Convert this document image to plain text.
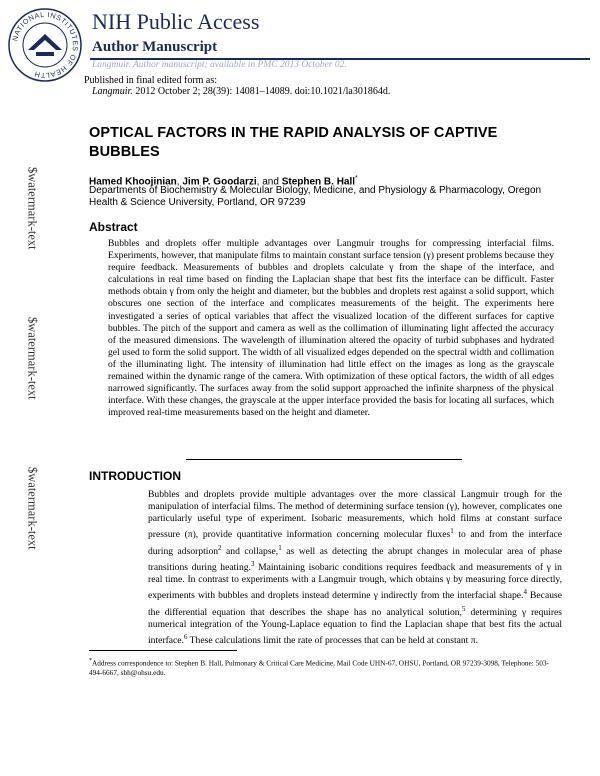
NATIONAL INSTITUTES OF HEALTH
NIH Public Access
Author Manuscript
Langmuir. Author manuscript; available in PMC 2013 October 02.
Published in final edited form as:
Langmuir. 2012 October 2; 28(39): 14081–14089. doi:10.1021/la301864d.
$watermark-text
$watermark-text
$watermark-text
OPTICAL FACTORS IN THE RAPID ANALYSIS OF CAPTIVE BUBBLES
Hamed Khoojinian, Jim P. Goodarzi, and Stephen B. Hall*
Departments of Biochemistry & Molecular Biology, Medicine, and Physiology & Pharmacology, Oregon Health & Science University, Portland, OR 97239
Abstract
Bubbles and droplets offer multiple advantages over Langmuir troughs for compressing interfacial films. Experiments, however, that manipulate films to maintain constant surface tension (γ) present problems because they require feedback. Measurements of bubbles and droplets calculate γ from the shape of the interface, and calculations in real time based on finding the Laplacian shape that best fits the interface can be difficult. Faster methods obtain γ from only the height and diameter, but the bubbles and droplets rest against a solid support, which obscures one section of the interface and complicates measurements of the height. The experiments here investigated a series of optical variables that affect the visualized location of the different surfaces for captive bubbles. The pitch of the support and camera as well as the collimation of illuminating light affected the accuracy of the measured dimensions. The wavelength of illumination altered the opacity of turbid subphases and hydrated gel used to form the solid support. The width of all visualized edges depended on the spectral width and collimation of the illuminating light. The intensity of illumination had little effect on the images as long as the grayscale remained within the dynamic range of the camera. With optimization of these optical factors, the width of all edges narrowed significantly. The surfaces away from the solid support approached the infinite sharpness of the physical interface. With these changes, the grayscale at the upper interface provided the basis for locating all surfaces, which improved real-time measurements based on the height and diameter.
INTRODUCTION
Bubbles and droplets provide multiple advantages over the more classical Langmuir trough for the manipulation of interfacial films. The method of determining surface tension (γ), however, complicates one particularly useful type of experiment. Isobaric measurements, which hold films at constant surface pressure (π), provide quantitative information concerning molecular fluxes$^1$ to and from the interface during adsorption$^2$ and collapse,$^1$ as well as detecting the abrupt changes in molecular area of phase transitions during heating.$^3$ Maintaining isobaric conditions requires feedback and measurements of γ in real time. In contrast to experiments with a Langmuir trough, which obtains γ by measuring force directly, experiments with bubbles and droplets instead determine γ indirectly from the interfacial shape.$^4$ Because the differential equation that describes the shape has no analytical solution,$^5$ determining γ requires numerical integration of the Young-Laplace equation to find the Laplacian shape that best fits the actual interface.$^6$ These calculations limit the rate of processes that can be held at constant π.
*Address correspondence to: Stephen B. Hall, Pulmonary & Critical Care Medicine, Mail Code UHN-67, OHSU, Portland, OR 97239-3098, Telephone: 503-494-6667, sbh@ohsu.edu.
